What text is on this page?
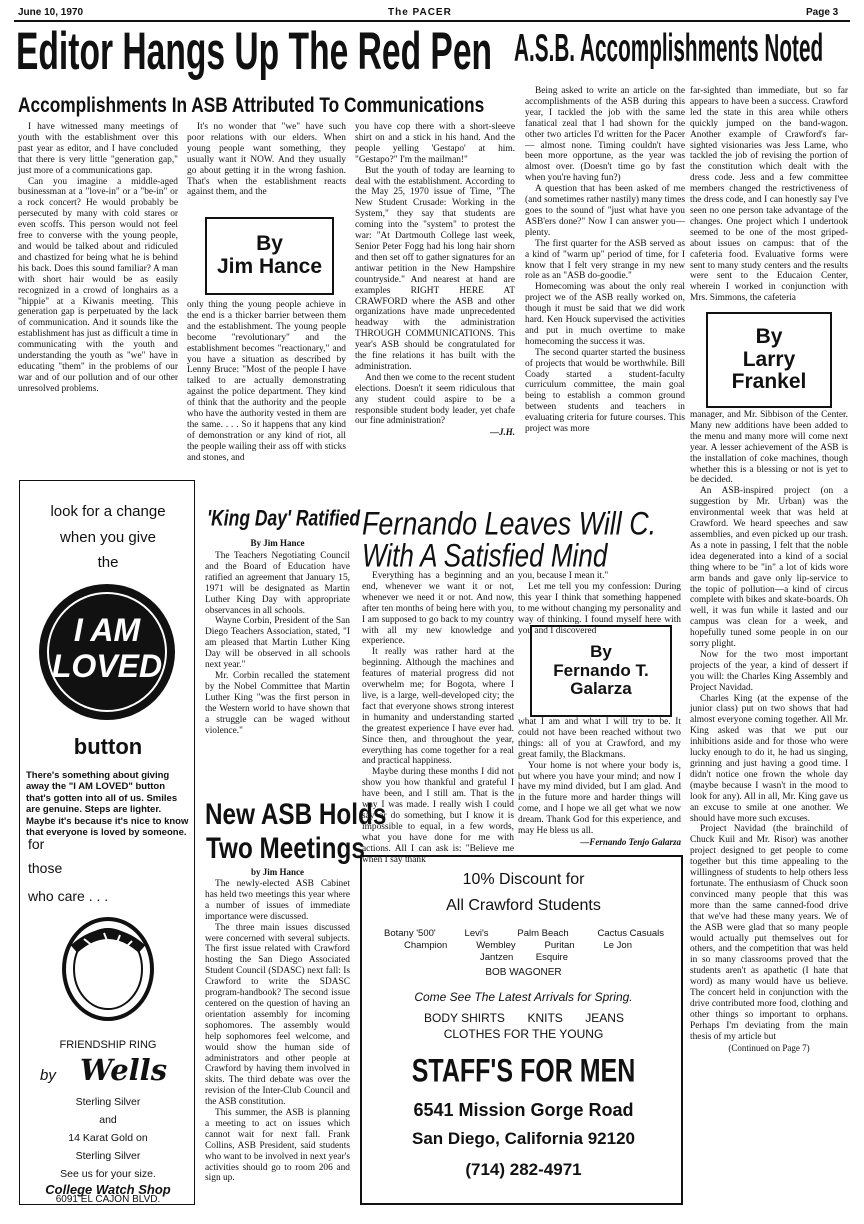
June 10, 1970	The PACER	Page 3
Editor Hangs Up The Red Pen
Accomplishments In ASB Attributed To Communications
A.S.B. Accomplishments Noted

I have witnessed many meetings of youth with the establishment over this past year as editor, and I have concluded that there is very little "generation gap," just more of a communications gap.

Can you imagine a middle-aged businessman at a "love-in" or a "be-in" or a rock concert? He would probably be persecuted by many with cold stares or even scoffs. This person would not feel free to converse with the young people, and would be talked about and ridiculed and chastized for being what he is behind his back. Does this sound familiar? A man with short hair would be as easily recognized in a crowd of longhairs as a "hippie" at a Kiwanis meeting. This generation gap is perpetuated by the lack of communication. And it sounds like the establishment has just as difficult a time in communicating with the youth and understanding the youth as "we" have in educating "them" in the problems of our war and of our pollution and of our other unresolved problems.

It's no wonder that "we" have such poor relations with our elders. When young people want something, they usually want it NOW. And they usually go about getting it in the wrong fashion. That's when the establishment reacts against them, and the

By
Jim Hance

only thing the young people achieve in the end is a thicker barrier between them and the establishment. The young people become "revolutionary" and the establishment becomes "reactionary," and you have a situation as described by Lenny Bruce: "Most of the people I have talked to are actually demonstrating against the police department. They kind of think that the authority and the people who have the authority vested in them are the same. . . . So it happens that any kind of demonstration or any kind of riot, all the people wailing their ass off with sticks and stones, and

you have cop there with a short-sleeve shirt on and a stick in his hand. And the people yelling 'Gestapo' at him. "Gestapo?" I'm the mailman!"

But the youth of today are learning to deal with the establishment. According to the May 25, 1970 issue of Time, "The New Student Crusade: Working in the System," they say that students are coming into the "system" to protest the war: "At Dartmouth College last week, Senior Peter Fogg had his long hair shorn and then set off to gather signatures for an antiwar petition in the New Hampshire countryside." And nearest at hand are examples RIGHT HERE AT CRAWFORD where the ASB and other organizations have made unprecedented headway with the administration THROUGH COMMUNICATIONS. This year's ASB should be congratulated for the fine relations it has built with the administration.

And then we come to the recent student elections. Doesn't it seem ridiculous that any student could aspire to be a responsible student body leader, yet chafe our fine administration?

—J.H.

Being asked to write an article on the accomplishments of the ASB during this year, I tackled the job with the same fanatical zeal that I had shown for the other two articles I'd written for the Pacer — almost none. Timing couldn't have been more opportune, as the year was almost over. (Doesn't time go by fast when you're having fun?)

A question that has been asked of me (and sometimes rather nastily) many times goes to the sound of "just what have you ASB'ers done?" Now I can answer you—plenty.

The first quarter for the ASB served as a kind of "warm up" period of time, for I know that I felt very strange in my new role as an "ASB do-goodie."

Homecoming was about the only real project we of the ASB really worked on, though it must be said that we did work hard. Ken Houck supervised the activities and put in much overtime to make homecoming the success it was.

The second quarter started the business of projects that would be worthwhile. Bill Coady started a student-faculty curriculum committee, the main goal being to establish a common ground between students and teachers in evaluating criteria for future courses. This project was more

far-sighted than immediate, but so far appears to have been a success. Crawford led the state in this area while others quickly jumped on the band-wagon. Another example of Crawford's far-sighted visionaries was Jess Lame, who tackled the job of revising the portion of the constitution which dealt with the dress code. Jess and a few committee members changed the restrictiveness of the dress code, and I can honestly say I've seen no one person take advantage of the changes. One project which I undertook seemed to be one of the most griped-about issues on campus: that of the cafeteria food. Evaluative forms were sent to many study centers and the results were sent to the Educaion Center, wherein I worked in conjunction with Mrs. Simmons, the cafeteria

By
Larry
Frankel

manager, and Mr. Sibbison of the Center. Many new additions have been added to the menu and many more will come next year. A lesser achievement of the ASB is the installation of coke machines, though whether this is a blessing or not is yet to be decided.

An ASB-inspired project (on a suggestion by Mr. Urban) was the environmental week that was held at Crawford. We heard speeches and saw assemblies, and even picked up our trash. As a note in passing, I felt that the noble idea degenerated into a kind of a social thing where to be "in" a lot of kids wore arm bands and gave only lip-service to the topic of pollution—a kind of circus complete with bikes and skate-boards. Oh well, it was fun while it lasted and our campus was clean for a week, and hopefully tuned some people in on our sorry plight.

Now for the two most important projects of the year, a kind of dessert if you will: the Charles King Assembly and Project Navidad.

Charles King (at the expense of the junior class) put on two shows that had almost everyone coming together. All Mr. King asked was that we put our inhibitions aside and for those who were lucky enough to do it, he had us singing, grinning and just having a good time. I didn't notice one frown the whole day (maybe because I wasn't in the mood to look for any). All in all, Mr. King gave us an excuse to smile at one another. We should have more such excuses.

Project Navidad (the brainchild of Chuck Kuil and Mr. Risor) was another project designed to get people to come together but this time appealing to the willingness of students to help others less fortunate. The enthusiasm of Chuck soon convinced many people that this was more than the same canned-food drive that we've had these many years. We of the ASB were glad that so many people would actually put themselves out for others, and the competition that was held in so many classrooms proved that the students aren't as apathetic (I hate that word) as many would have us believe. The concert held in conjunction with the drive contributed more food, clothing and other things so important to orphans. Perhaps I'm deviating from the main thesis of my article but

(Continued on Page 7)
look for a change
when you give
the
I AM
LOVED
button
There's something about giving away the "I AM LOVED" button that's gotten into all of us. Smiles are genuine. Steps are lighter. Maybe it's because it's nice to know that everyone is loved by someone.
for
those
who care . . .
FRIENDSHIP RING
by Wells
Sterling Silver
and
14 Karat Gold on
Sterling Silver
See us for your size.
College Watch Shop
6091 EL CAJON BLVD.
'King Day' Ratified
By Jim Hance

The Teachers Negotiating Council and the Board of Education have ratified an agreement that January 15, 1971 will be designated as Martin Luther King Day with appropriate observances in all schools.

Wayne Corbin, President of the San Diego Teachers Association, stated, "I am pleased that Martin Luther King Day will be observed in all schools next year."

Mr. Corbin recalled the statement by the Nobel Committee that Martin Luther King "was the first person in the Western world to have shown that a struggle can be waged without violence."

New ASB Holds
Two Meetings
by Jim Hance

The newly-elected ASB Cabinet has held two meetings this year where a number of issues of immediate importance were discussed.

The three main issues discussed were concerned with several subjects. The first issue related with Crawford hosting the San Diego Associated Student Council (SDASC) next fall: Is Crawford to write the SDASC program-handbook? The second issue centered on the question of having an orientation assembly for incoming sophomores. The assembly would help sophomores feel welcome, and would show the human side of administrators and other people at Crawford by having them involved in skits. The third debate was over the revision of the Inter-Club Council and the ASB constitution.

This summer, the ASB is planning a meeting to act on issues which cannot wait for next fall. Frank Collins, ASB President, said students who want to be involved in next year's activities should go to room 206 and sign up.

Fernando Leaves Will C.
With A Satisfied Mind

Everything has a beginning and an end, whenever we want it or not, whenever we need it or not. And now, after ten months of being here with you, I am supposed to go back to my country with all my new knowledge and experience.

It really was rather hard at the beginning. Although the machines and features of material progress did not overwhelm me; for Bogota, where I live, is a large, well-developed city; the fact that everyone shows strong interest in humanity and understanding started the greatest experience I have ever had. Since then, and throughout the year, everything has come together for a real and practical happiness.

Maybe during these months I did not show you how thankful and grateful I have been, and I still am. That is the way I was made. I really wish I could say or do something, but I know it is impossible to equal, in a few words, what you have done for me with actions. All I can ask is: "Believe me when I say thank

you, because I mean it."

Let me tell you my confession: During this year I think that something happened to me without changing my personality and way of thinking. I found myself here with you and I discovered

By
Fernando T.
Galarza

what I am and what I will try to be. It could not have been reached without two things: all of you at Crawford, and my great family, the Blackmans.

Your home is not where your body is, but where you have your mind; and now I have my mind divided, but I am glad. And in the future more and harder things will come, and I hope we all get what we now dream. Thank God for this experience, and may He bless us all.

—Fernando Tenjo Galarza
10% Discount for
All Crawford Students
Botany '500'	Levi's	Palm Beach	Cactus Casuals
Champion	Wembley	Puritan	Le Jon
Jantzen Esquire
BOB WAGONER
Come See The Latest Arrivals for Spring.
BODY SHIRTS KNITS JEANS
CLOTHES FOR THE YOUNG
STAFF'S FOR MEN
6541 Mission Gorge Road
San Diego, California 92120
(714) 282-4971
